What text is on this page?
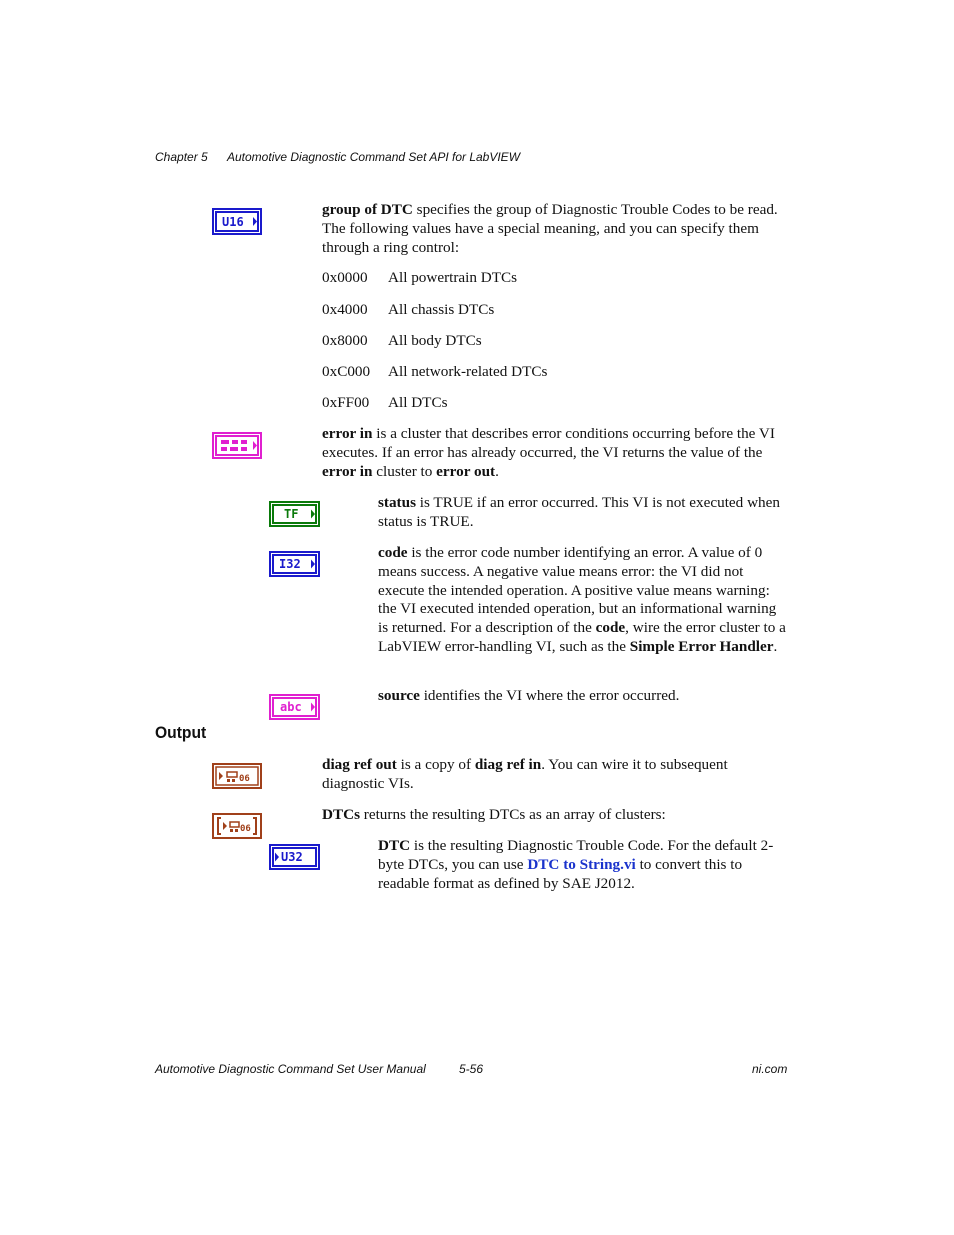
Chapter 5 Automotive Diagnostic Command Set API for LabVIEW
U16
group of DTC specifies the group of Diagnostic Trouble Codes to be read. The following values have a special meaning, and you can specify them through a ring control:
0x0000 All powertrain DTCs
0x4000 All chassis DTCs
0x8000 All body DTCs
0xC000 All network-related DTCs
0xFF00 All DTCs
error in is a cluster that describes error conditions occurring before the VI executes. If an error has already occurred, the VI returns the value of the error in cluster to error out.
TF
status is TRUE if an error occurred. This VI is not executed when status is TRUE.
I32
code is the error code number identifying an error. A value of 0 means success. A negative value means error: the VI did not execute the intended operation. A positive value means warning: the VI executed intended operation, but an informational warning is returned. For a description of the code, wire the error cluster to a LabVIEW error-handling VI, such as the Simple Error Handler.
abc
source identifies the VI where the error occurred.
Output
06
diag ref out is a copy of diag ref in. You can wire it to subsequent diagnostic VIs.
06
DTCs returns the resulting DTCs as an array of clusters:
U32
DTC is the resulting Diagnostic Trouble Code. For the default 2-byte DTCs, you can use DTC to String.vi to convert this to readable format as defined by SAE J2012.
Automotive Diagnostic Command Set User Manual	5-56	ni.com
